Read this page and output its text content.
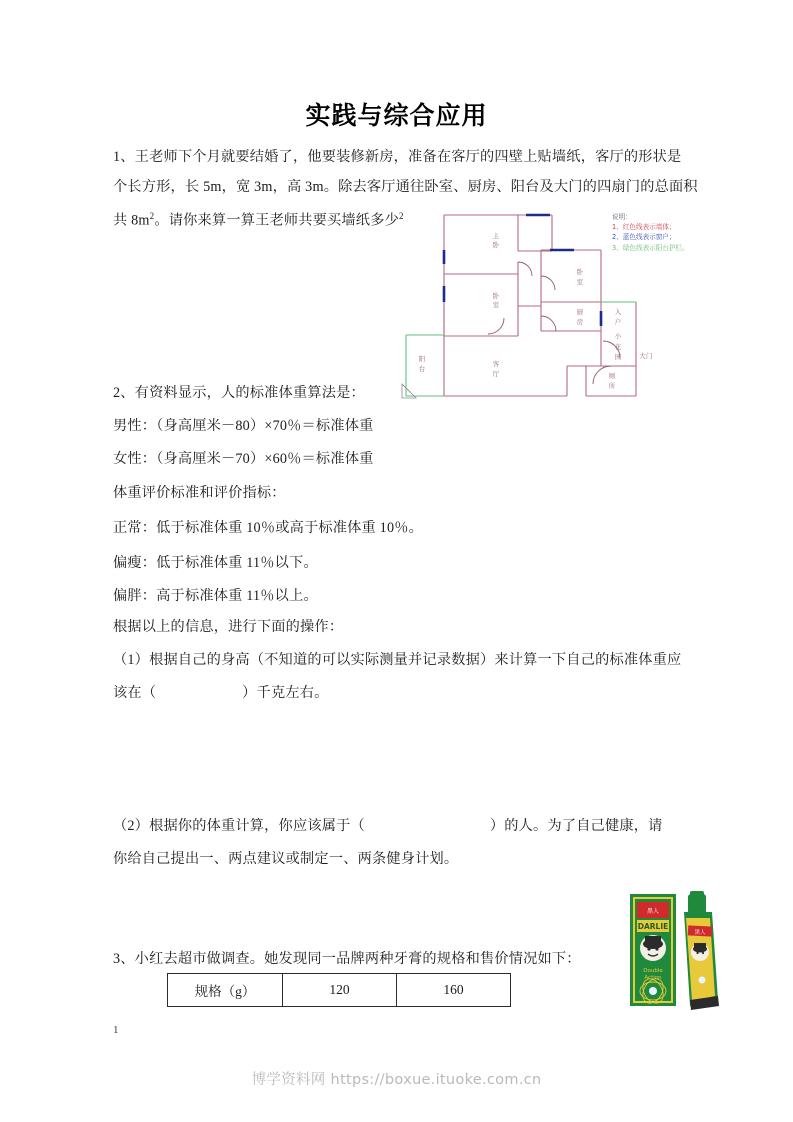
实践与综合应用
1、王老师下个月就要结婚了，他要装修新房，准备在客厅的四壁上贴墙纸，客厅的形状是
个长方形，长 5m，宽 3m，高 3m。除去客厅通往卧室、厨房、阳台及大门的四扇门的总面积
共 $8m^2$。请你来算一算王老师共要买墙纸多少$^2$
主
卧
卧
室
卧
室
厨
房
客
厅
阳
台
厕
所
入
户
小
花
园	大门
说明：
1、红色线表示墙体；
2、蓝色线表示窗户；
3、绿色线表示阳台护栏。
2、有资料显示，人的标准体重算法是：
男性：（身高厘米－80）×70％＝标准体重
女性：（身高厘米－70）×60％＝标准体重
体重评价标准和评价指标：
正常：低于标准体重 10％或高于标准体重 10％。
偏瘦：低于标准体重 11％以下。
偏胖：高于标准体重 11％以上。
根据以上的信息，进行下面的操作：
（1）根据自己的身高（不知道的可以实际测量并记录数据）来计算一下自己的标准体重应
该在（	）千克左右。
（2）根据你的体重计算，你应该属于（	）的人。为了自己健康，请
你给自己提出一、两点建议或制定一、两条健身计划。
黑人
DARLIE
Double
Action
黑人
3、小红去超市做调查。她发现同一品牌两种牙膏的规格和售价情况如下：
规格（g）	120	160
1
博学资料网 https://boxue.ituoke.com.cn
